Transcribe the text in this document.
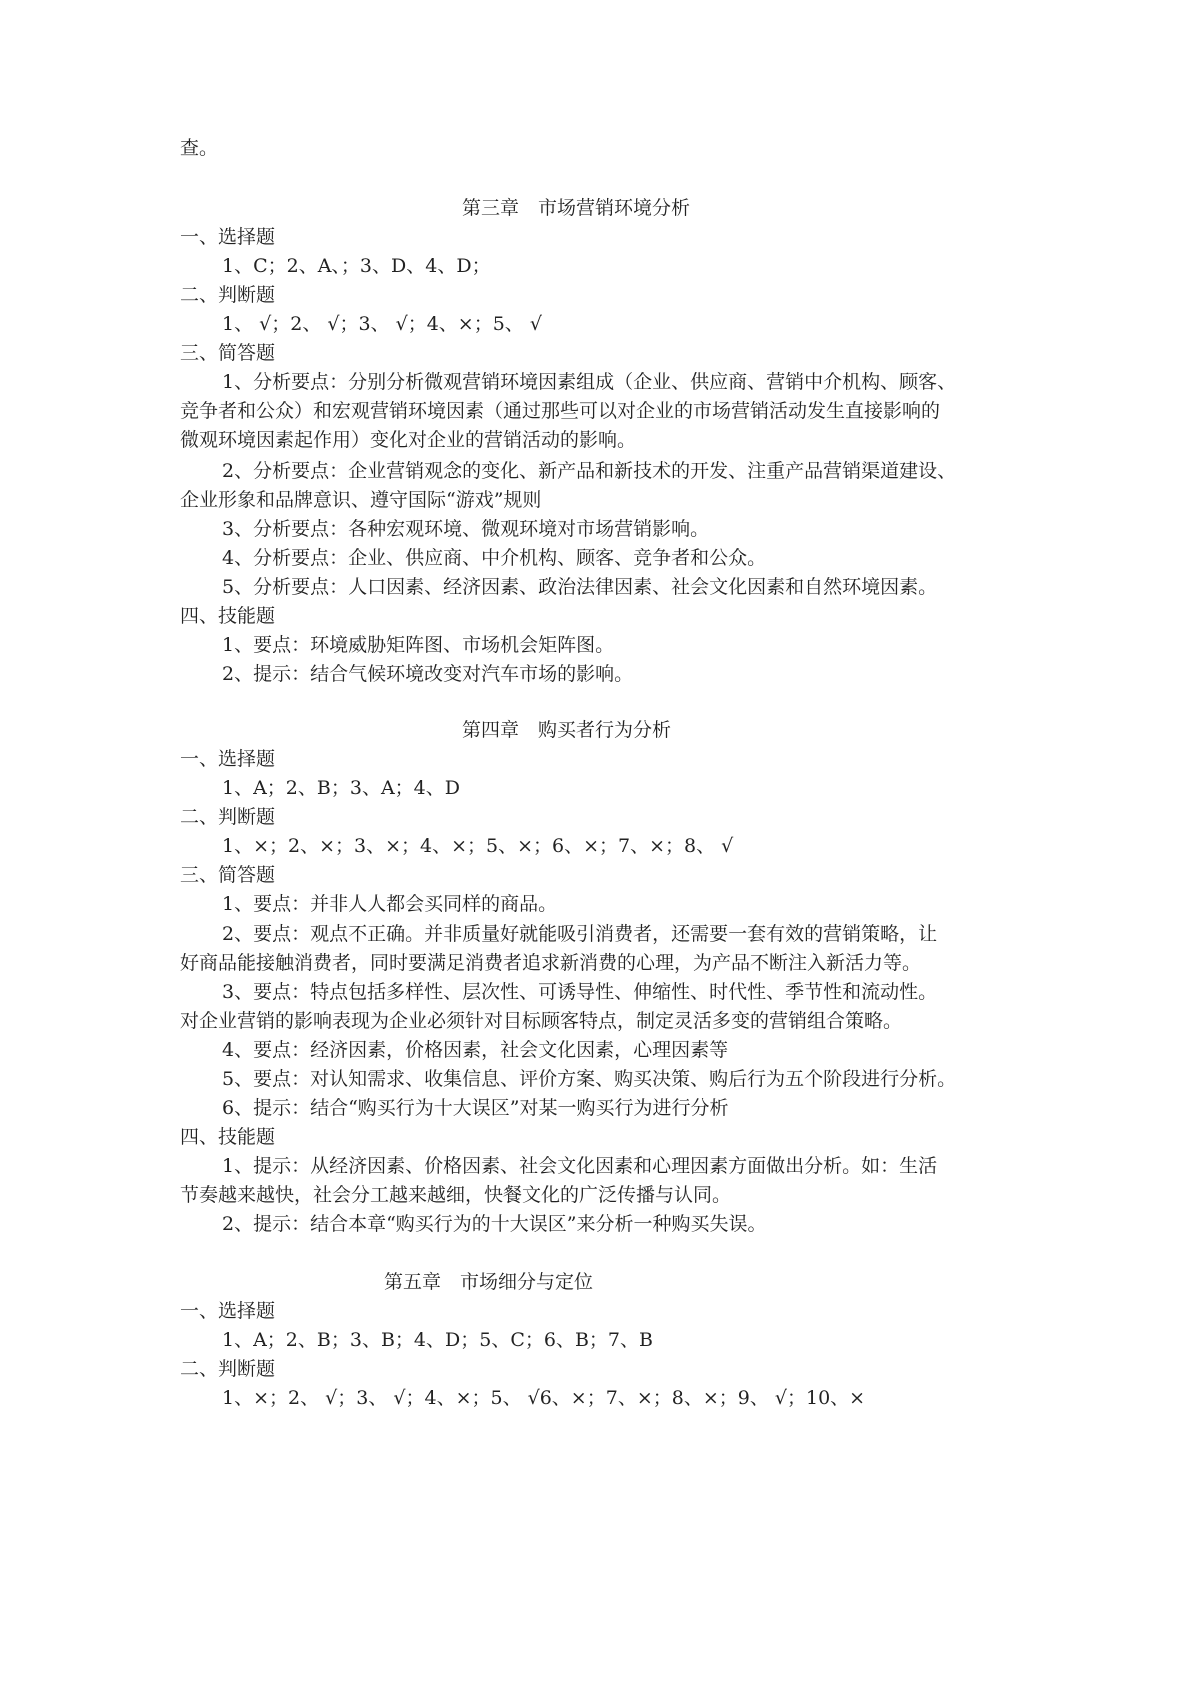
查。

第三章　市场营销环境分析

一、选择题

1、C；2、A、；3、D、4、D；

二、判断题

1、 √；2、 √；3、 √；4、×；5、 √

三、简答题

1、分析要点：分别分析微观营销环境因素组成（企业、供应商、营销中介机构、顾客、

竞争者和公众）和宏观营销环境因素（通过那些可以对企业的市场营销活动发生直接影响的

微观环境因素起作用）变化对企业的营销活动的影响。

2、分析要点：企业营销观念的变化、新产品和新技术的开发、注重产品营销渠道建设、

企业形象和品牌意识、遵守国际“游戏”规则

3、分析要点：各种宏观环境、微观环境对市场营销影响。

4、分析要点：企业、供应商、中介机构、顾客、竞争者和公众。

5、分析要点：人口因素、经济因素、政治法律因素、社会文化因素和自然环境因素。

四、技能题

1、要点：环境威胁矩阵图、市场机会矩阵图。

2、提示：结合气候环境改变对汽车市场的影响。

第四章　购买者行为分析

一、选择题

1、A；2、B；3、A；4、D

二、判断题

1、×；2、×；3、×；4、×；5、×；6、×；7、×；8、 √

三、简答题

1、要点：并非人人都会买同样的商品。

2、要点：观点不正确。并非质量好就能吸引消费者，还需要一套有效的营销策略，让

好商品能接触消费者，同时要满足消费者追求新消费的心理，为产品不断注入新活力等。

3、要点：特点包括多样性、层次性、可诱导性、伸缩性、时代性、季节性和流动性。

对企业营销的影响表现为企业必须针对目标顾客特点，制定灵活多变的营销组合策略。

4、要点：经济因素，价格因素，社会文化因素，心理因素等

5、要点：对认知需求、收集信息、评价方案、购买决策、购后行为五个阶段进行分析。

6、提示：结合“购买行为十大误区”对某一购买行为进行分析

四、技能题

1、提示：从经济因素、价格因素、社会文化因素和心理因素方面做出分析。如：生活

节奏越来越快，社会分工越来越细，快餐文化的广泛传播与认同。

2、提示：结合本章“购买行为的十大误区”来分析一种购买失误。

第五章　市场细分与定位

一、选择题

1、A；2、B；3、B；4、D；5、C；6、B；7、B

二、判断题

1、×；2、 √；3、 √；4、×；5、 √6、×；7、×；8、×；9、 √；10、×
